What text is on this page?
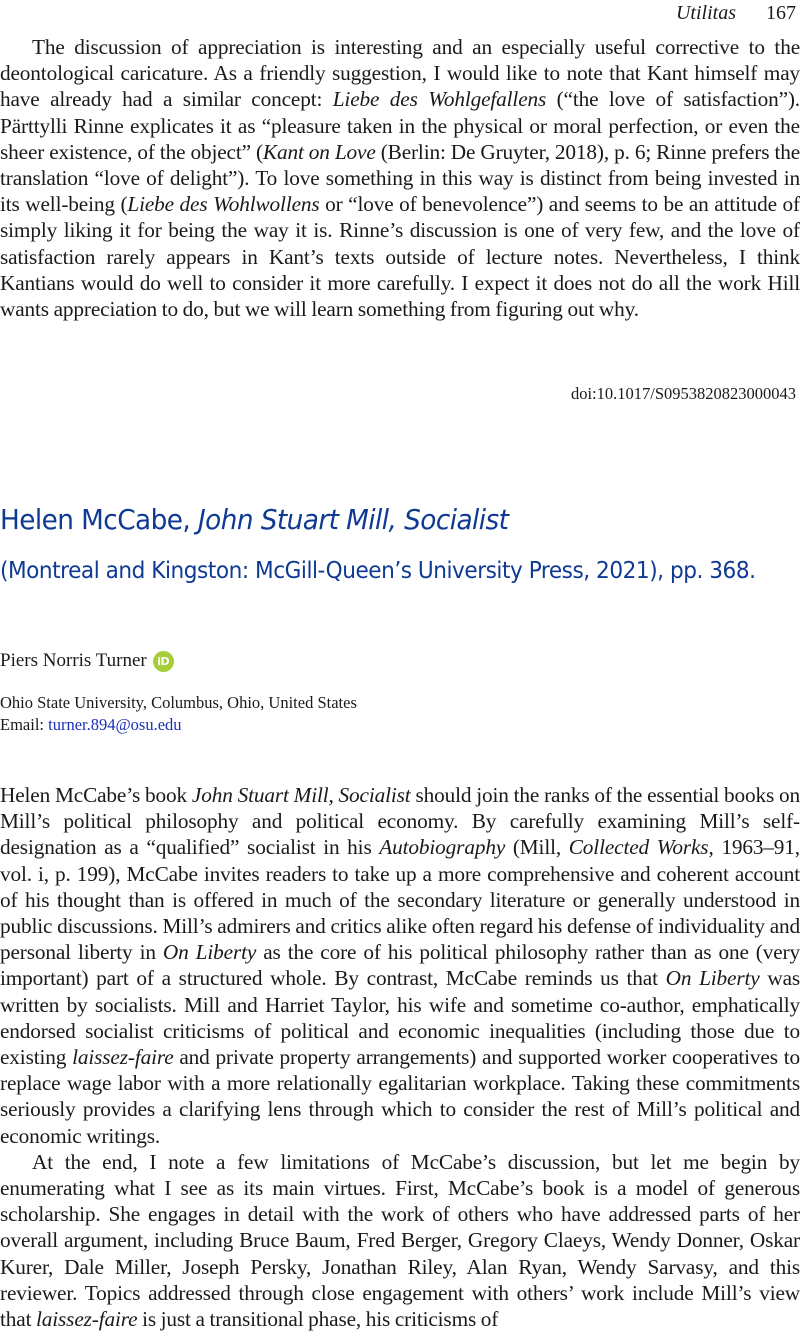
Utilitas 167

The discussion of appreciation is interesting and an especially useful corrective to the deontological caricature. As a friendly suggestion, I would like to note that Kant himself may have already had a similar concept: Liebe des Wohlgefallens (“the love of satisfaction”). Pärttylli Rinne explicates it as “pleasure taken in the physical or moral perfection, or even the sheer existence, of the object” (Kant on Love (Berlin: De Gruyter, 2018), p. 6; Rinne prefers the translation “love of delight”). To love something in this way is distinct from being invested in its well-being (Liebe des Wohlwollens or “love of benevolence”) and seems to be an attitude of simply liking it for being the way it is. Rinne’s discussion is one of very few, and the love of satisfaction rarely appears in Kant’s texts outside of lecture notes. Nevertheless, I think Kantians would do well to consider it more carefully. I expect it does not do all the work Hill wants appreciation to do, but we will learn something from figuring out why.

doi:10.1017/S0953820823000043
Helen McCabe, John Stuart Mill, Socialist

(Montreal and Kingston: McGill-Queen’s University Press, 2021), pp. 368.

Piers Norris Turner iD
Ohio State University, Columbus, Ohio, United States
Email: turner.894@osu.edu

Helen McCabe’s book John Stuart Mill, Socialist should join the ranks of the essential books on Mill’s political philosophy and political economy. By carefully examining Mill’s self-designation as a “qualified” socialist in his Autobiography (Mill, Collected Works, 1963–91, vol. i, p. 199), McCabe invites readers to take up a more comprehensive and coherent account of his thought than is offered in much of the secondary literature or generally understood in public discussions. Mill’s admirers and critics alike often regard his defense of individuality and personal liberty in On Liberty as the core of his political philosophy rather than as one (very important) part of a structured whole. By contrast, McCabe reminds us that On Liberty was written by socialists. Mill and Harriet Taylor, his wife and sometime co-author, emphatically endorsed socialist criticisms of political and economic inequalities (including those due to existing laissez-faire and private property arrangements) and supported worker cooperatives to replace wage labor with a more relationally egalitarian workplace. Taking these commitments seriously provides a clarifying lens through which to consider the rest of Mill’s political and economic writings.

At the end, I note a few limitations of McCabe’s discussion, but let me begin by enumerating what I see as its main virtues. First, McCabe’s book is a model of generous scholarship. She engages in detail with the work of others who have addressed parts of her overall argument, including Bruce Baum, Fred Berger, Gregory Claeys, Wendy Donner, Oskar Kurer, Dale Miller, Joseph Persky, Jonathan Riley, Alan Ryan, Wendy Sarvasy, and this reviewer. Topics addressed through close engagement with others’ work include Mill’s view that laissez-faire is just a transitional phase, his criticisms of
